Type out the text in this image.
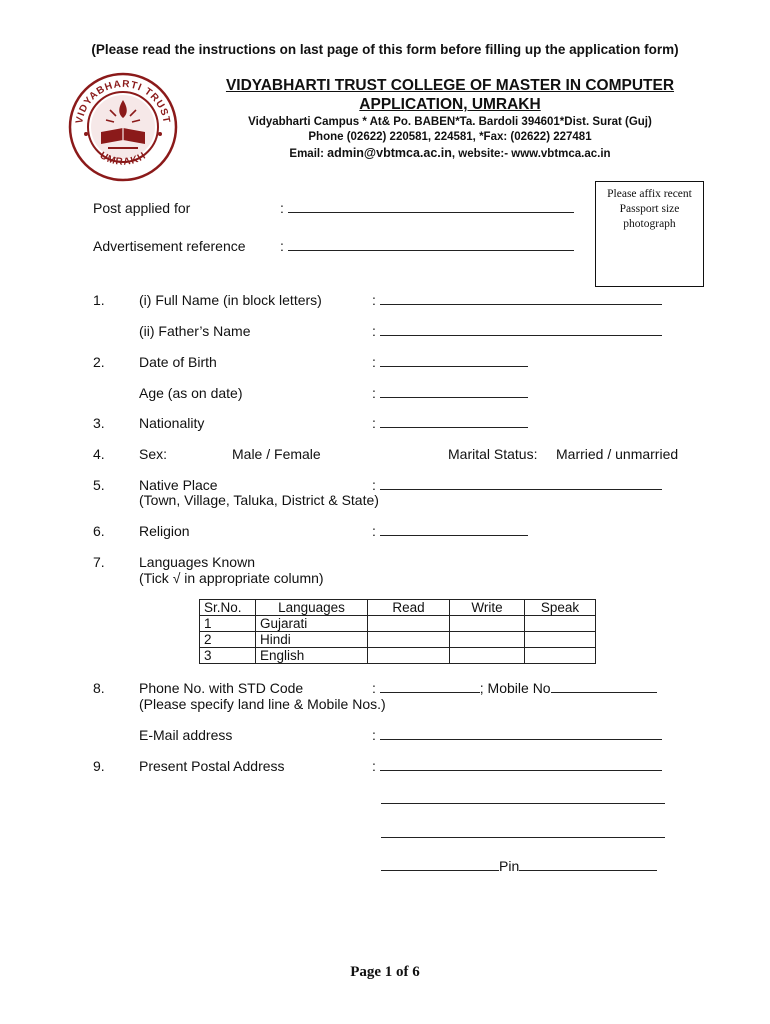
(Please read the instructions on last page of this form before filling up the application form)
VIDYABHARTI TRUST
UMRAKH
VIDYABHARTI TRUST COLLEGE OF MASTER IN COMPUTER
APPLICATION, UMRAKH
Vidyabharti Campus * At& Po. BABEN*Ta. Bardoli 394601*Dist. Surat (Guj)
Phone (02622) 220581, 224581, *Fax: (02622) 227481
Email: admin@vbtmca.ac.in, website:- www.vbtmca.ac.in
Please affix recent Passport size photograph
Post applied for	:
Advertisement reference :
1. (i) Full Name (in block letters)	:
(ii) Father’s Name	:
2. Date of Birth	:
Age (as on date)	:
3. Nationality	:
4. Sex:	Male / Female	Marital Status: Married / unmarried
5. Native Place	:
(Town, Village, Taluka, District & State)
6. Religion	:
7. Languages Known
(Tick √ in appropriate column)
Sr.No.	Languages	Read	Write	Speak
1	Gujarati			
2	Hindi			
3	English			
8. Phone No. with STD Code	:	; Mobile No
(Please specify land line & Mobile Nos.)
E-Mail address	:
9. Present Postal Address	:
Pin
Page 1 of 6
